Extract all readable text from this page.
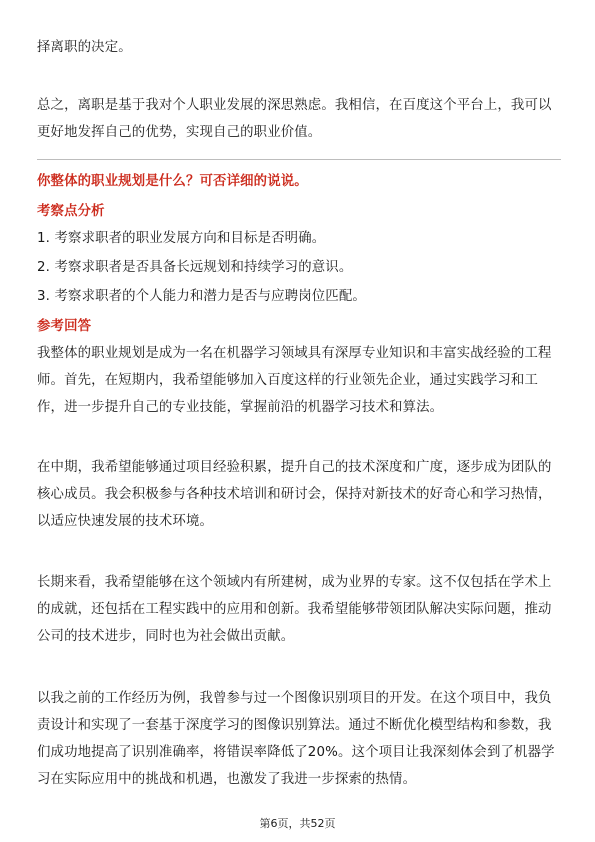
择离职的决定。

总之，离职是基于我对个人职业发展的深思熟虑。我相信，在百度这个平台上，我可以更好地发挥自己的优势，实现自己的职业价值。

你整体的职业规划是什么？可否详细的说说。

考察点分析

1. 考察求职者的职业发展方向和目标是否明确。

2. 考察求职者是否具备长远规划和持续学习的意识。

3. 考察求职者的个人能力和潜力是否与应聘岗位匹配。

参考回答

我整体的职业规划是成为一名在机器学习领域具有深厚专业知识和丰富实战经验的工程师。首先，在短期内，我希望能够加入百度这样的行业领先企业，通过实践学习和工作，进一步提升自己的专业技能，掌握前沿的机器学习技术和算法。

在中期，我希望能够通过项目经验积累，提升自己的技术深度和广度，逐步成为团队的核心成员。我会积极参与各种技术培训和研讨会，保持对新技术的好奇心和学习热情，以适应快速发展的技术环境。

长期来看，我希望能够在这个领域内有所建树，成为业界的专家。这不仅包括在学术上的成就，还包括在工程实践中的应用和创新。我希望能够带领团队解决实际问题，推动公司的技术进步，同时也为社会做出贡献。

以我之前的工作经历为例，我曾参与过一个图像识别项目的开发。在这个项目中，我负责设计和实现了一套基于深度学习的图像识别算法。通过不断优化模型结构和参数，我们成功地提高了识别准确率，将错误率降低了20%。这个项目让我深刻体会到了机器学习在实际应用中的挑战和机遇，也激发了我进一步探索的热情。

第6页，共52页
